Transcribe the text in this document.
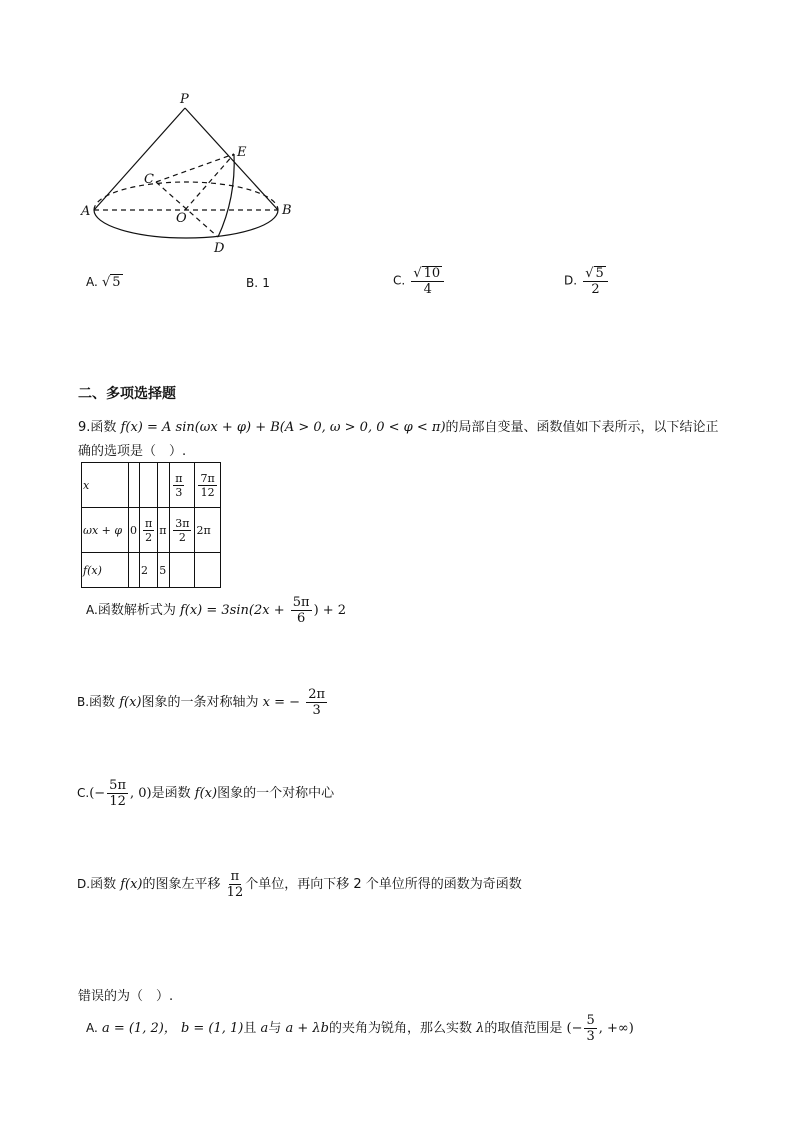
P
E
C
A	O
B
D
A. √ 5	B. 1	C. $\frac{√ 10}{4}$	D. $\frac{√ 5}{2}$
二、多项选择题
9.函数 f(x) = A sin(ωx + φ) + B(A > 0, ω > 0, 0 < φ < π)的局部自变量、函数值如下表所示，以下结论正
确的选项是（　）.
x				$\frac{\pi}{3}$	$\frac{7\pi}{12}$

ωx + φ	0	$\frac{\pi}{2}$	π	$\frac{3\pi}{2}$	2π
f(x)		2	5		
A.函数解析式为 $f(x) = 3\sin(2x + \frac{5\pi}{6}$ ) + 2
B.函数 f(x)图象的一条对称轴为 x = − $\frac{2\pi}{3}$
$C.(- \frac{5\pi}{12}$ , 0)是函数 f(x)图象的一个对称中心
D.函数 f(x)的图象左平移 $\frac{\pi}{12}$ 个单位，再向下移 2 个单位所得的函数为奇函数
错误的为（　）.
A. a = (1, 2)， b = (1, 1)且 a与 a + λb的夹角为锐角，那么实数 λ的取值范围是 (− $\frac{5}{3}$ , +∞)
